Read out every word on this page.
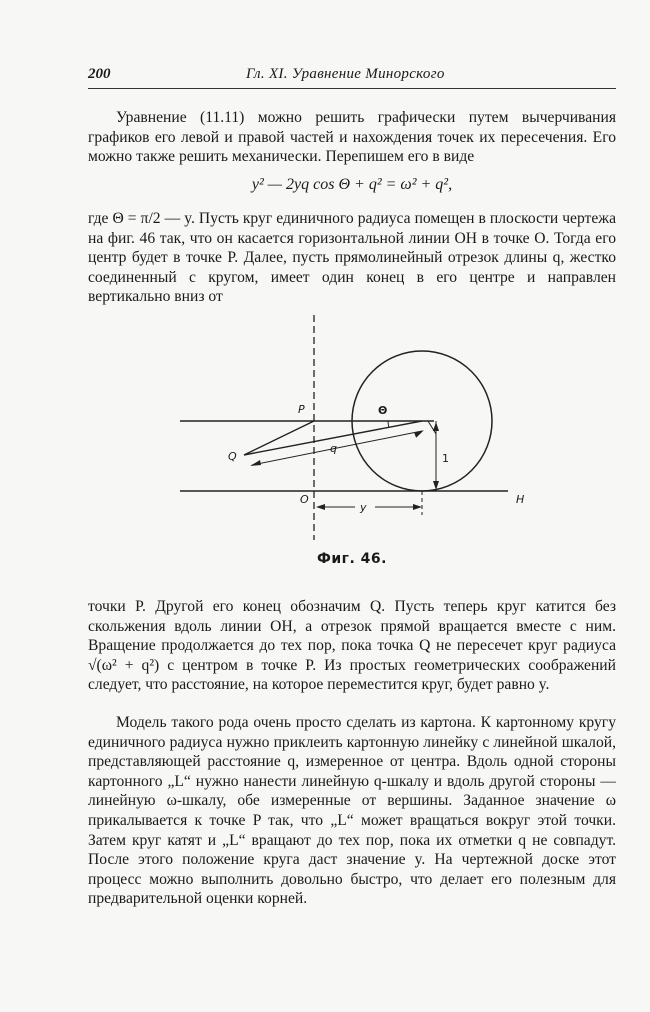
200	Гл. XI. Уравнение Минорского
Уравнение (11.11) можно решить графически путем вычерчивания графиков его левой и правой частей и нахождения точек их пересечения. Его можно также решить механически. Перепишем его в виде
y² — 2yq cos Θ + q² = ω² + q²,
где Θ = π/2 — y. Пусть круг единичного радиуса помещен в плоскости чертежа на фиг. 46 так, что он касается горизонтальной линии OH в точке O. Тогда его центр будет в точке P. Далее, пусть прямолинейный отрезок длины q, жестко соединенный с кругом, имеет один конец в его центре и направлен вертикально вниз от
P	Θ
Q
q
1
O	H
y
Фиг. 46.
точки P. Другой его конец обозначим Q. Пусть теперь круг катится без скольжения вдоль линии OH, а отрезок прямой вращается вместе с ним. Вращение продолжается до тех пор, пока точка Q не пересечет круг радиуса √(ω² + q²) с центром в точке P. Из простых геометрических соображений следует, что расстояние, на которое переместится круг, будет равно y.
Модель такого рода очень просто сделать из картона. К картонному кругу единичного радиуса нужно приклеить картонную линейку с линейной шкалой, представляющей расстояние q, измеренное от центра. Вдоль одной стороны картонного „L“ нужно нанести линейную q-шкалу и вдоль другой стороны — линейную ω-шкалу, обе измеренные от вершины. Заданное значение ω прикалывается к точке P так, что „L“ может вращаться вокруг этой точки. Затем круг катят и „L“ вращают до тех пор, пока их отметки q не совпадут. После этого положение круга даст значение y. На чертежной доске этот процесс можно выполнить довольно быстро, что делает его полезным для предварительной оценки корней.
